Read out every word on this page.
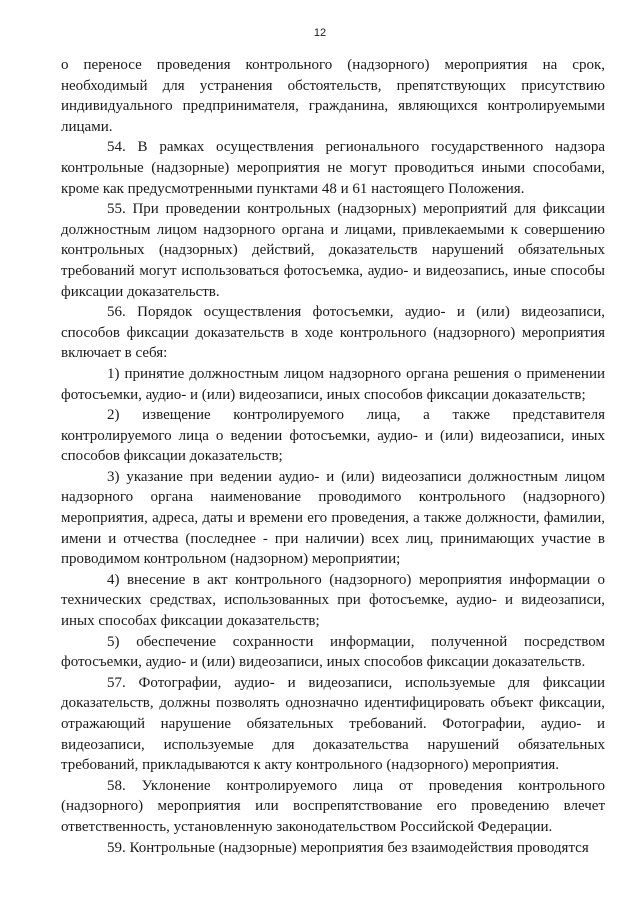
12

о переносе проведения контрольного (надзорного) мероприятия на срок, необходимый для устранения обстоятельств, препятствующих присутствию индивидуального предпринимателя, гражданина, являющихся контролируемыми лицами.

54. В рамках осуществления регионального государственного надзора контрольные (надзорные) мероприятия не могут проводиться иными способами, кроме как предусмотренными пунктами 48 и 61 настоящего Положения.

55. При проведении контрольных (надзорных) мероприятий для фиксации должностным лицом надзорного органа и лицами, привлекаемыми к совершению контрольных (надзорных) действий, доказательств нарушений обязательных требований могут использоваться фотосъемка, аудио- и видеозапись, иные способы фиксации доказательств.

56. Порядок осуществления фотосъемки, аудио- и (или) видеозаписи, способов фиксации доказательств в ходе контрольного (надзорного) мероприятия включает в себя:

1) принятие должностным лицом надзорного органа решения о применении фотосъемки, аудио- и (или) видеозаписи, иных способов фиксации доказательств;

2) извещение контролируемого лица, а также представителя контролируемого лица о ведении фотосъемки, аудио- и (или) видеозаписи, иных способов фиксации доказательств;

3) указание при ведении аудио- и (или) видеозаписи должностным лицом надзорного органа наименование проводимого контрольного (надзорного) мероприятия, адреса, даты и времени его проведения, а также должности, фамилии, имени и отчества (последнее - при наличии) всех лиц, принимающих участие в проводимом контрольном (надзорном) мероприятии;

4) внесение в акт контрольного (надзорного) мероприятия информации о технических средствах, использованных при фотосъемке, аудио- и видеозаписи, иных способах фиксации доказательств;

5) обеспечение сохранности информации, полученной посредством фотосъемки, аудио- и (или) видеозаписи, иных способов фиксации доказательств.

57. Фотографии, аудио- и видеозаписи, используемые для фиксации доказательств, должны позволять однозначно идентифицировать объект фиксации, отражающий нарушение обязательных требований. Фотографии, аудио- и видеозаписи, используемые для доказательства нарушений обязательных требований, прикладываются к акту контрольного (надзорного) мероприятия.

58. Уклонение контролируемого лица от проведения контрольного (надзорного) мероприятия или воспрепятствование его проведению влечет ответственность, установленную законодательством Российской Федерации.

59. Контрольные (надзорные) мероприятия без взаимодействия проводятся
